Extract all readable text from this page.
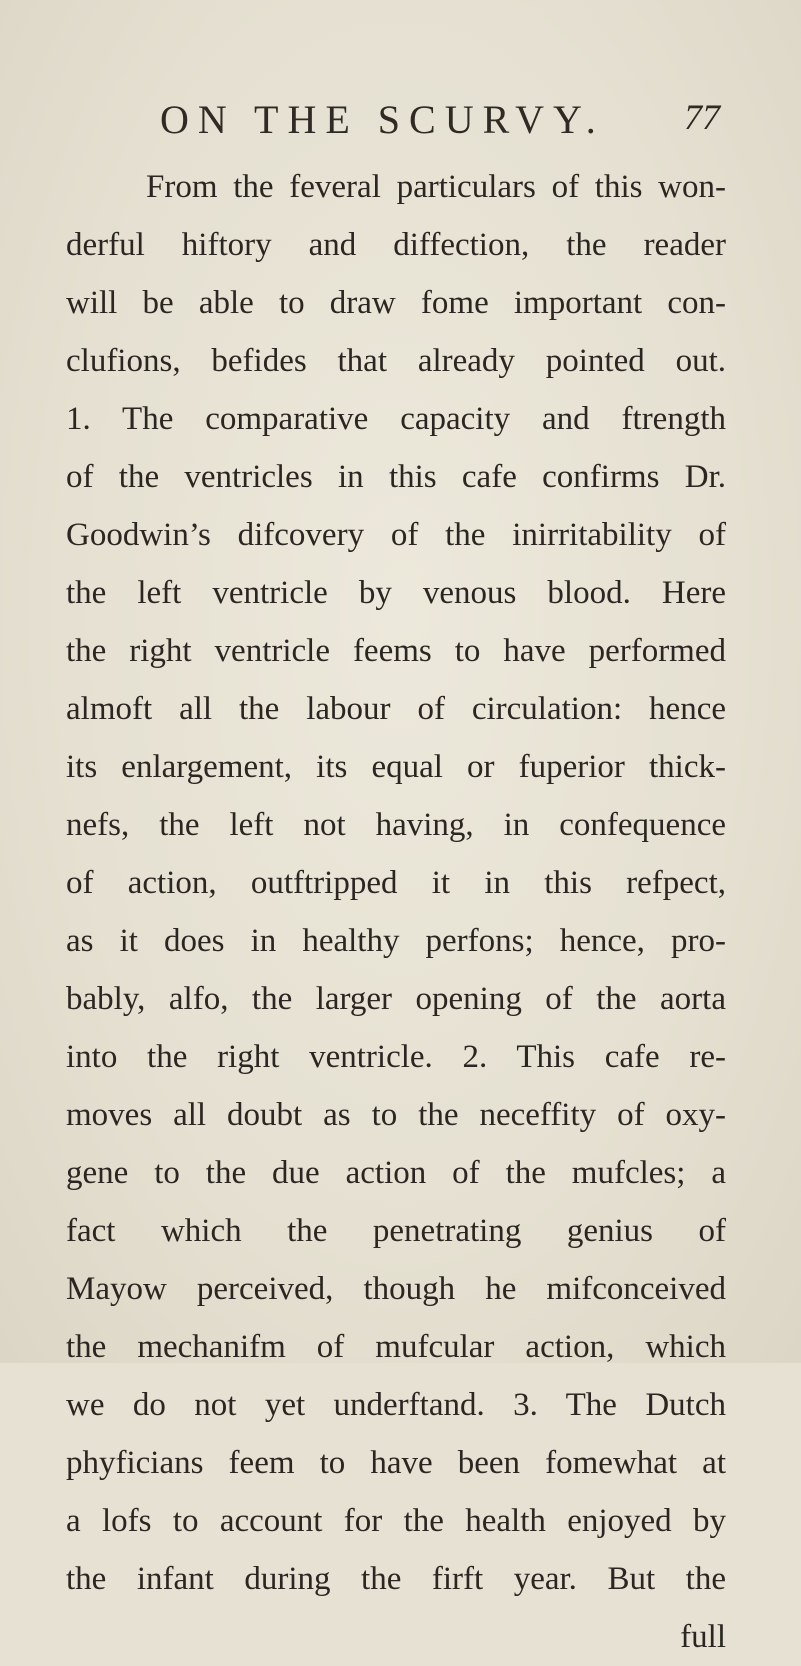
ON THE SCURVY. 77
From the feveral particulars of this won-
derful hiftory and diffection, the reader
will be able to draw fome important con-
clufions, befides that already pointed out.
1. The comparative capacity and ftrength
of the ventricles in this cafe confirms Dr.
Goodwin’s difcovery of the inirritability of
the left ventricle by venous blood. Here
the right ventricle feems to have performed
almoft all the labour of circulation: hence
its enlargement, its equal or fuperior thick-
nefs, the left not having, in confequence
of action, outftripped it in this refpect,
as it does in healthy perfons; hence, pro-
bably, alfo, the larger opening of the aorta
into the right ventricle. 2. This cafe re-
moves all doubt as to the neceffity of oxy-
gene to the due action of the mufcles; a
fact which the penetrating genius of
Mayow perceived, though he mifconceived
the mechanifm of mufcular action, which
we do not yet underftand. 3. The Dutch
phyficians feem to have been fomewhat at
a lofs to account for the health enjoyed by
the infant during the firft year. But the
full
